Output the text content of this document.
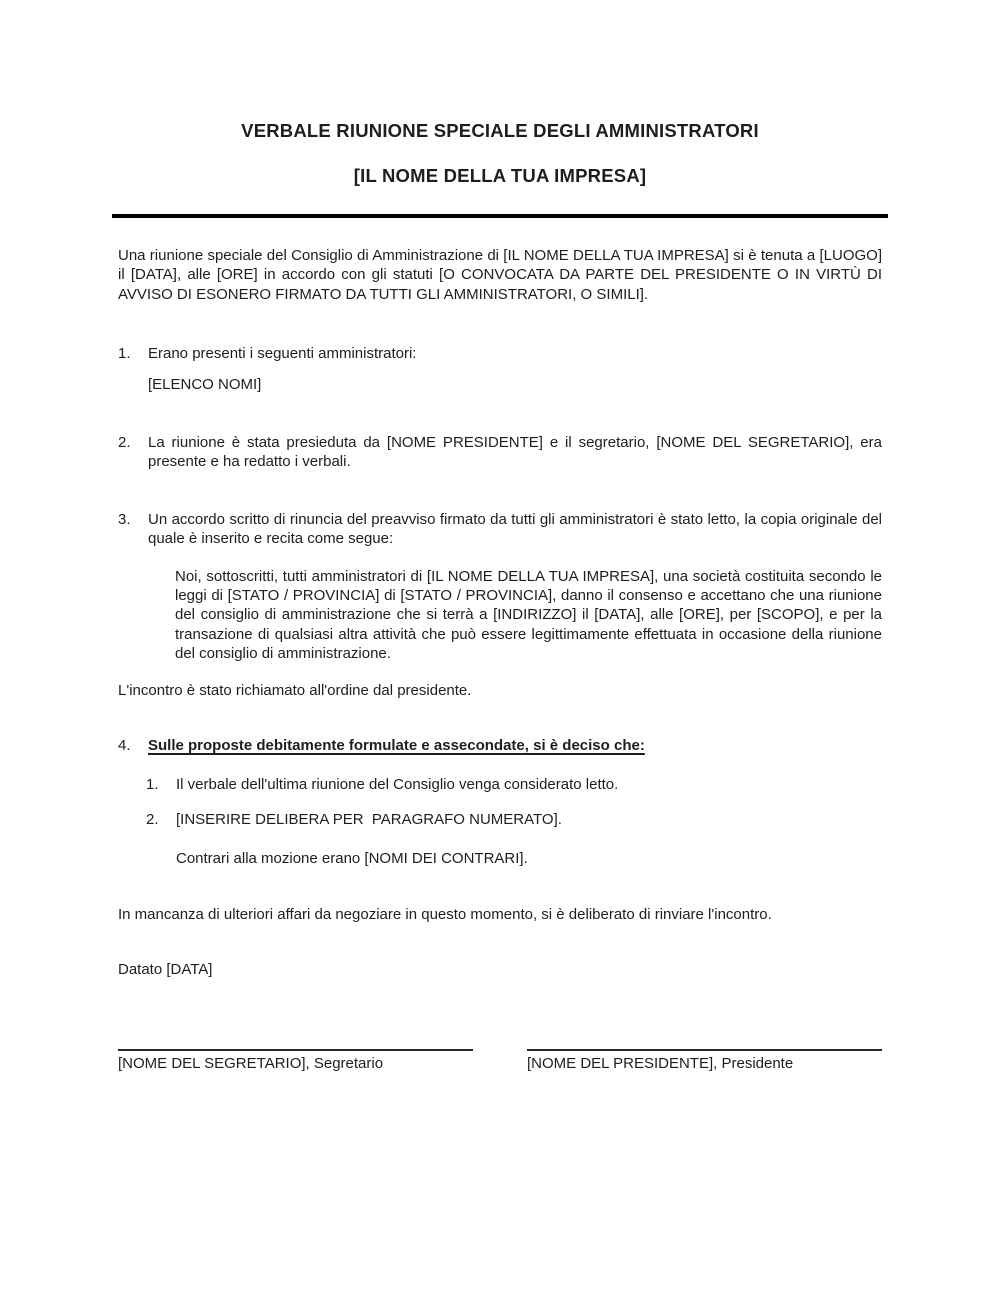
VERBALE RIUNIONE SPECIALE DEGLI AMMINISTRATORI
[IL NOME DELLA TUA IMPRESA]

Una riunione speciale del Consiglio di Amministrazione di [IL NOME DELLA TUA IMPRESA] si è tenuta a [LUOGO] il [DATA], alle [ORE] in accordo con gli statuti [O CONVOCATA DA PARTE DEL PRESIDENTE O IN VIRTÙ DI AVVISO DI ESONERO FIRMATO DA TUTTI GLI AMMINISTRATORI, O SIMILI].

1.	Erano presenti i seguenti amministratori:

[ELENCO NOMI]

2.	La riunione è stata presieduta da [NOME PRESIDENTE] e il segretario, [NOME DEL SEGRETARIO], era presente e ha redatto i verbali.
3.	Un accordo scritto di rinuncia del preavviso firmato da tutti gli amministratori è stato letto, la copia originale del quale è inserito e recita come segue:

Noi, sottoscritti, tutti amministratori di [IL NOME DELLA TUA IMPRESA], una società costituita secondo le leggi di [STATO / PROVINCIA] di [STATO / PROVINCIA], danno il consenso e accettano che una riunione del consiglio di amministrazione che si terrà a [INDIRIZZO] il [DATA], alle [ORE], per [SCOPO], e per la transazione di qualsiasi altra attività che può essere legittimamente effettuata in occasione della riunione del consiglio di amministrazione.

L'incontro è stato richiamato all'ordine dal presidente.

4.	Sulle proposte debitamente formulate e assecondate, si è deciso che:
1.	Il verbale dell'ultima riunione del Consiglio venga considerato letto.
2.	[INSERIRE DELIBERA PER  PARAGRAFO NUMERATO].

Contrari alla mozione erano [NOMI DEI CONTRARI].

In mancanza di ulteriori affari da negoziare in questo momento, si è deliberato di rinviare l'incontro.

Datato [DATA]

[NOME DEL SEGRETARIO], Segretario	[NOME DEL PRESIDENTE], Presidente
